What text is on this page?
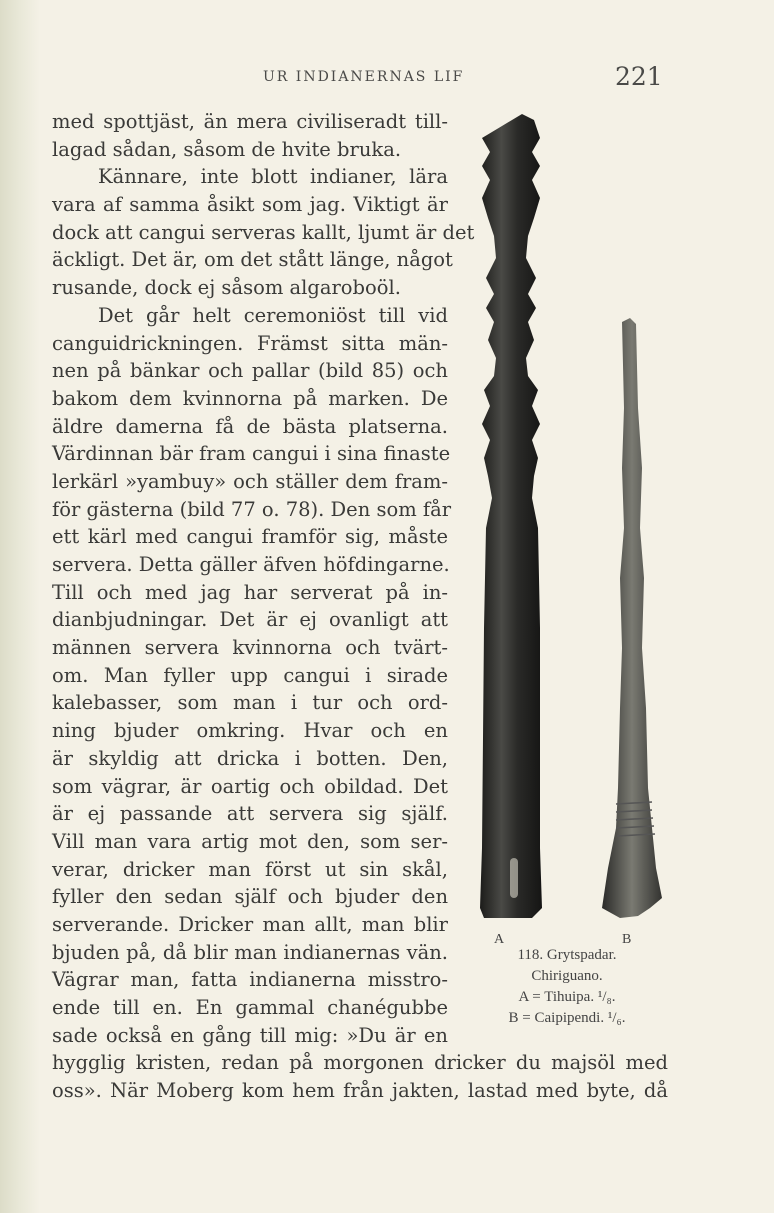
UR INDIANERNAS LIF	221
med spottjäst, än mera civiliseradt till-
lagad sådan, såsom de hvite bruka.
Kännare, inte blott indianer, lära
vara af samma åsikt som jag. Viktigt är
dock att cangui serveras kallt, ljumt är det
äckligt. Det är, om det stått länge, något
rusande, dock ej såsom algaroboöl.
Det går helt ceremoniöst till vid
canguidrickningen. Främst sitta män-
nen på bänkar och pallar (bild 85) och
bakom dem kvinnorna på marken. De
äldre damerna få de bästa platserna.
Värdinnan bär fram cangui i sina finaste
lerkärl »yambuy» och ställer dem fram-
för gästerna (bild 77 o. 78). Den som får
ett kärl med cangui framför sig, måste
servera. Detta gäller äfven höfdingarne.
Till och med jag har serverat på in-
dianbjudningar. Det är ej ovanligt att
männen servera kvinnorna och tvärt-
om. Man fyller upp cangui i sirade
kalebasser, som man i tur och ord-
ning bjuder omkring. Hvar och en
är skyldig att dricka i botten. Den,
som vägrar, är oartig och obildad. Det
är ej passande att servera sig själf.
Vill man vara artig mot den, som ser-
verar, dricker man först ut sin skål,
fyller den sedan själf och bjuder den
serverande. Dricker man allt, man blir
bjuden på, då blir man indianernas vän.
Vägrar man, fatta indianerna misstro-
ende till en. En gammal chanégubbe
sade också en gång till mig: »Du är en
hygglig kristen, redan på morgonen dricker du majsöl med
oss». När Moberg kom hem från jakten, lastad med byte, då
A	B
118. Grytspadar.
Chiriguano.
A = Tihuipa. ¹/₈.
B = Caipipendi. ¹/₆.
